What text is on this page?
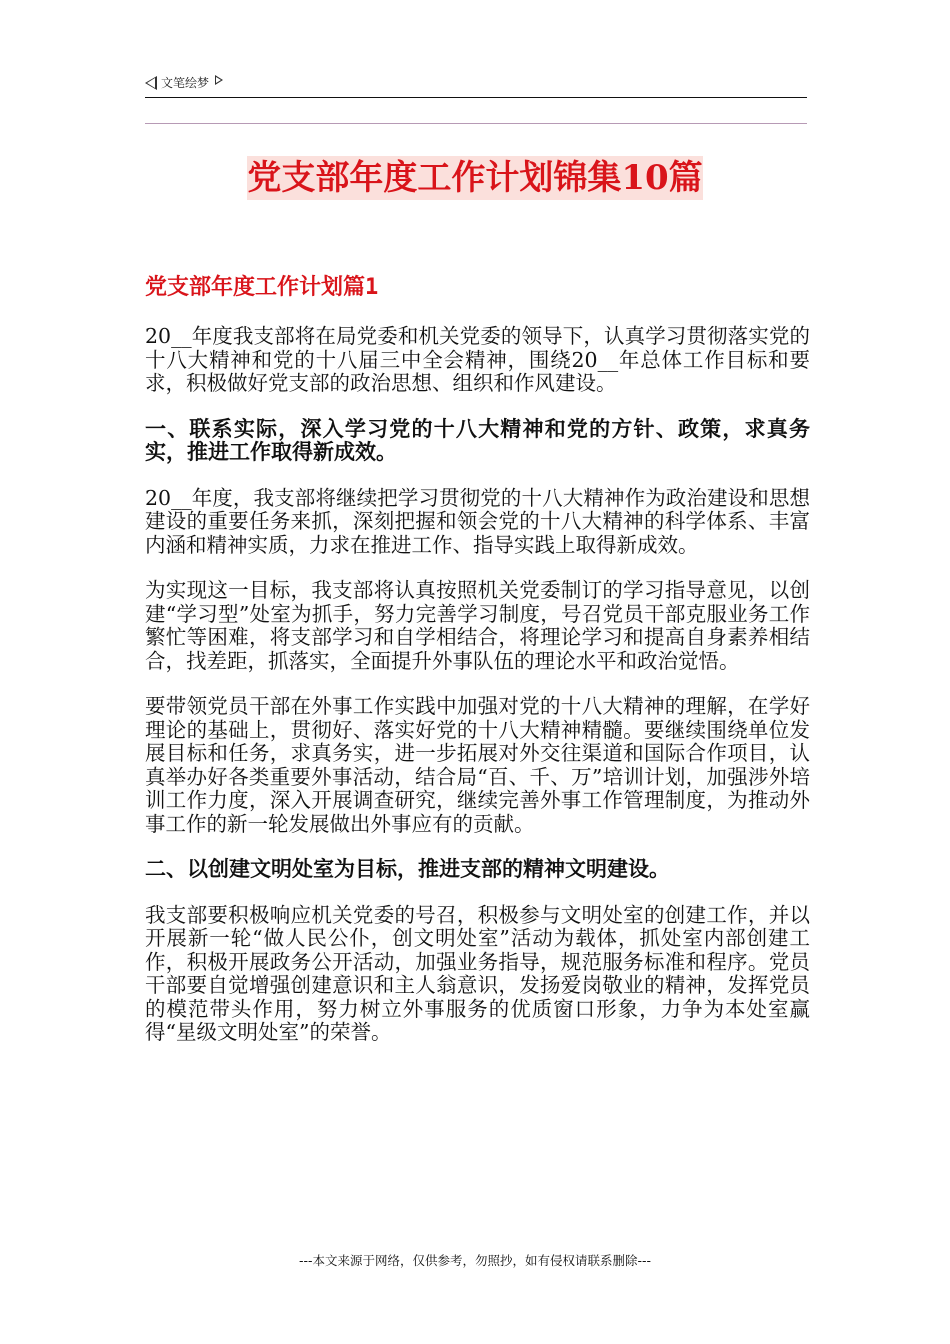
文笔绘梦
党支部年度工作计划锦集10篇
党支部年度工作计划篇1

20__年度我支部将在局党委和机关党委的领导下，认真学习贯彻落实党的十八大精神和党的十八届三中全会精神，围绕20__年总体工作目标和要求，积极做好党支部的政治思想、组织和作风建设。

一、联系实际，深入学习党的十八大精神和党的方针、政策，求真务实，推进工作取得新成效。

20__年度，我支部将继续把学习贯彻党的十八大精神作为政治建设和思想建设的重要任务来抓，深刻把握和领会党的十八大精神的科学体系、丰富内涵和精神实质，力求在推进工作、指导实践上取得新成效。

为实现这一目标，我支部将认真按照机关党委制订的学习指导意见，以创建“学习型”处室为抓手，努力完善学习制度，号召党员干部克服业务工作繁忙等困难，将支部学习和自学相结合，将理论学习和提高自身素养相结合，找差距，抓落实，全面提升外事队伍的理论水平和政治觉悟。

要带领党员干部在外事工作实践中加强对党的十八大精神的理解，在学好理论的基础上，贯彻好、落实好党的十八大精神精髓。要继续围绕单位发展目标和任务，求真务实，进一步拓展对外交往渠道和国际合作项目，认真举办好各类重要外事活动，结合局“百、千、万”培训计划，加强涉外培训工作力度，深入开展调查研究，继续完善外事工作管理制度，为推动外事工作的新一轮发展做出外事应有的贡献。

二、以创建文明处室为目标，推进支部的精神文明建设。

我支部要积极响应机关党委的号召，积极参与文明处室的创建工作，并以开展新一轮“做人民公仆，创文明处室”活动为载体，抓处室内部创建工作，积极开展政务公开活动，加强业务指导，规范服务标准和程序。党员干部要自觉增强创建意识和主人翁意识，发扬爱岗敬业的精神，发挥党员的模范带头作用，努力树立外事服务的优质窗口形象，力争为本处室赢得“星级文明处室”的荣誉。

---本文来源于网络，仅供参考，勿照抄，如有侵权请联系删除---
